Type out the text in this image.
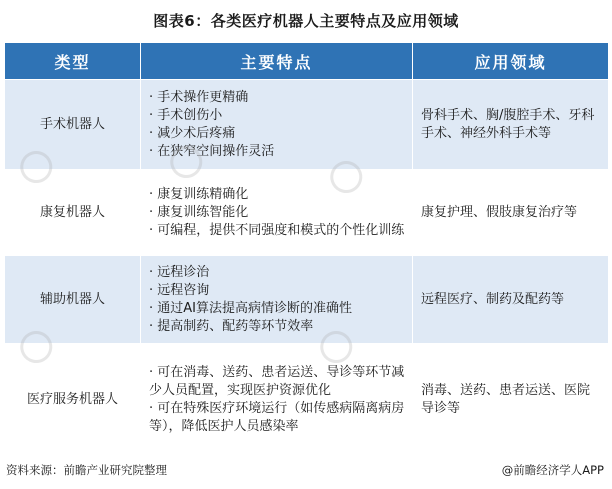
图表6：各类医疗机器人主要特点及应用领域
类型	主要特点	应用领域
手术机器人	· 手术操作更精确
· 手术创伤小
· 减少术后疼痛
· 在狭窄空间操作灵活	骨科手术、胸/腹腔手术、牙科手术、神经外科手术等
康复机器人	· 康复训练精确化
· 康复训练智能化
· 可编程，提供不同强度和模式的个性化训练	康复护理、假肢康复治疗等
辅助机器人	· 远程诊治
· 远程咨询
· 通过AI算法提高病情诊断的准确性
· 提高制药、配药等环节效率	远程医疗、制药及配药等
医疗服务机器人	· 可在消毒、送药、患者运送、导诊等环节减少人员配置，实现医护资源优化
· 可在特殊医疗环境运行（如传感病隔离病房等），降低医护人员感染率	消毒、送药、患者运送、医院导诊等
资料来源：前瞻产业研究院整理	@前瞻经济学人APP
